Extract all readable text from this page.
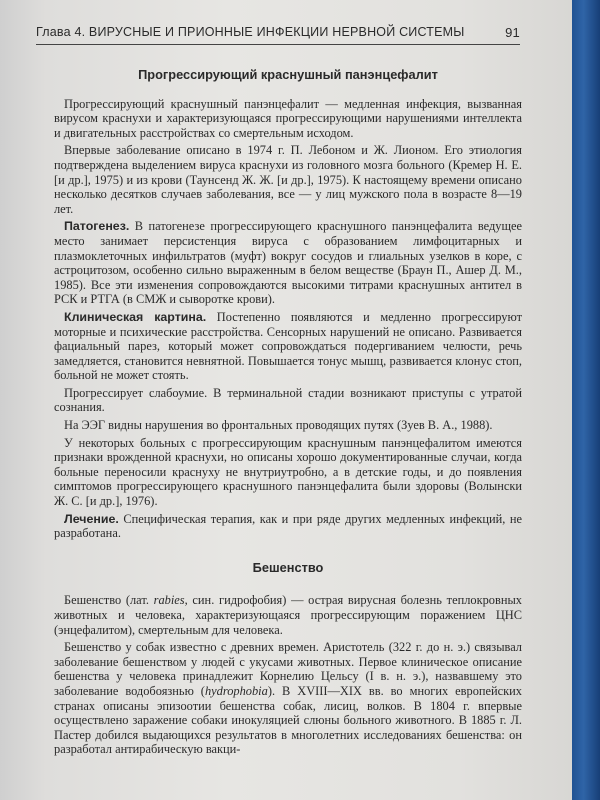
Глава 4. ВИРУСНЫЕ И ПРИОННЫЕ ИНФЕКЦИИ НЕРВНОЙ СИСТЕМЫ	91
Прогрессирующий краснушный панэнцефалит

Прогрессирующий краснушный панэнцефалит — медленная инфекция, вызванная вирусом краснухи и характеризующаяся прогрессирующими нарушениями интеллекта и двигательных расстройствах со смертельным исходом.

Впервые заболевание описано в 1974 г. П. Лебоном и Ж. Лионом. Его этиология подтверждена выделением вируса краснухи из головного мозга больного (Кремер Н. Е. [и др.], 1975) и из крови (Таунсенд Ж. Ж. [и др.], 1975). К настоящему времени описано несколько десятков случаев заболевания, все — у лиц мужского пола в возрасте 8—19 лет.

Патогенез. В патогенезе прогрессирующего краснушного панэнцефалита ведущее место занимает персистенция вируса с образованием лимфоцитарных и плазмоклеточных инфильтратов (муфт) вокруг сосудов и глиальных узелков в коре, с астроцитозом, особенно сильно выраженным в белом веществе (Браун П., Ашер Д. М., 1985). Все эти изменения сопровождаются высокими титрами краснушных антител в РСК и РТГА (в СМЖ и сыворотке крови).

Клиническая картина. Постепенно появляются и медленно прогрессируют моторные и психические расстройства. Сенсорных нарушений не описано. Развивается фациальный парез, который может сопровождаться подергиванием челюсти, речь замедляется, становится невнятной. Повышается тонус мышц, развивается клонус стоп, больной не может стоять.

Прогрессирует слабоумие. В терминальной стадии возникают приступы с утратой сознания.

На ЭЭГ видны нарушения во фронтальных проводящих путях (Зуев В. А., 1988).

У некоторых больных с прогрессирующим краснушным панэнцефалитом имеются признаки врожденной краснухи, но описаны хорошо документированные случаи, когда больные переносили краснуху не внутриутробно, а в детские годы, и до появления симптомов прогрессирующего краснушного панэнцефалита были здоровы (Волынски Ж. С. [и др.], 1976).

Лечение. Специфическая терапия, как и при ряде других медленных инфекций, не разработана.

Бешенство

Бешенство (лат. rabies, син. гидрофобия) — острая вирусная болезнь теплокровных животных и человека, характеризующаяся прогрессирующим поражением ЦНС (энцефалитом), смертельным для человека.

Бешенство у собак известно с древних времен. Аристотель (322 г. до н. э.) связывал заболевание бешенством у людей с укусами животных. Первое клиническое описание бешенства у человека принадлежит Корнелию Цельсу (I в. н. э.), назвавшему это заболевание водобоязнью (hydrophobia). В XVIII—XIX вв. во многих европейских странах описаны эпизоотии бешенства собак, лисиц, волков. В 1804 г. впервые осуществлено заражение собаки инокуляцией слюны больного животного. В 1885 г. Л. Пастер добился выдающихся результатов в многолетних исследованиях бешенства: он разработал антирабическую вакци-
